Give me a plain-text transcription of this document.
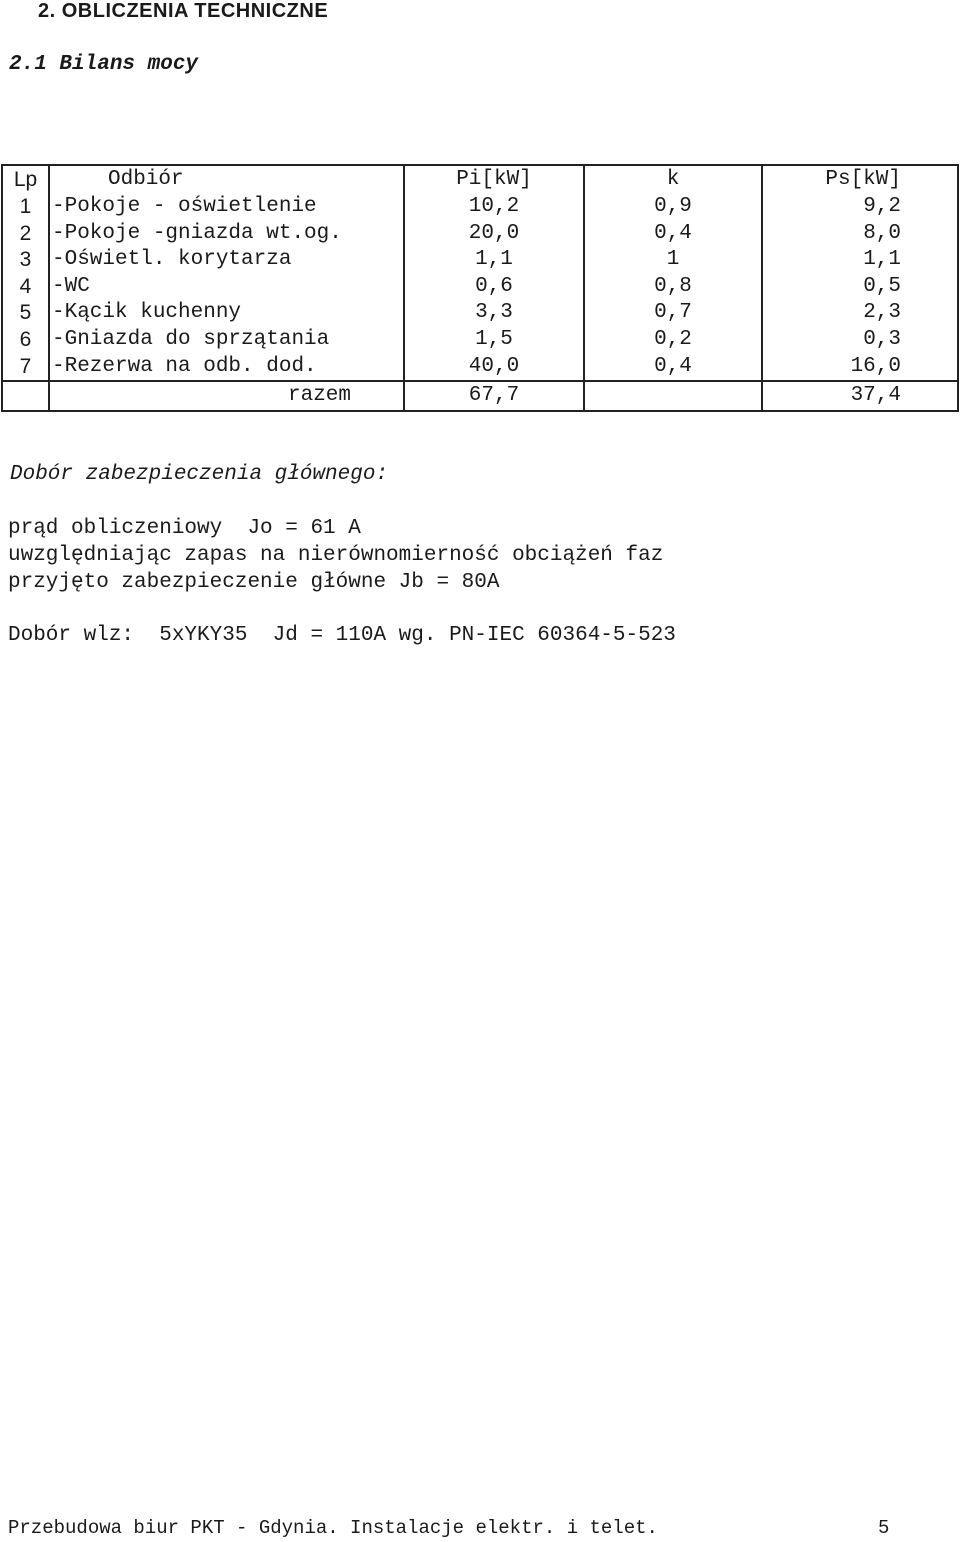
2. OBLICZENIA TECHNICZNE
2.1 Bilans mocy
Lp	Odbiór	Pi[kW]	k	Ps[kW]
1	-Pokoje - oświetlenie	10,2	0,9	9,2
2	-Pokoje -gniazda wt.og.	20,0	0,4	8,0
3	-Oświetl. korytarza	1,1	1	1,1
4	-WC	0,6	0,8	0,5
5	-Kącik kuchenny	3,3	0,7	2,3
6	-Gniazda do sprzątania	1,5	0,2	0,3
7	-Rezerwa na odb. dod.	40,0	0,4	16,0
	razem	67,7		37,4
Dobór zabezpieczenia głównego:
prąd obliczeniowy  Jo = 61 A
uwzględniając zapas na nierównomierność obciążeń faz
przyjęto zabezpieczenie główne Jb = 80A
Dobór wlz:  5xYKY35  Jd = 110A wg. PN-IEC 60364-5-523
Przebudowa biur PKT - Gdynia. Instalacje elektr. i telet.	5
